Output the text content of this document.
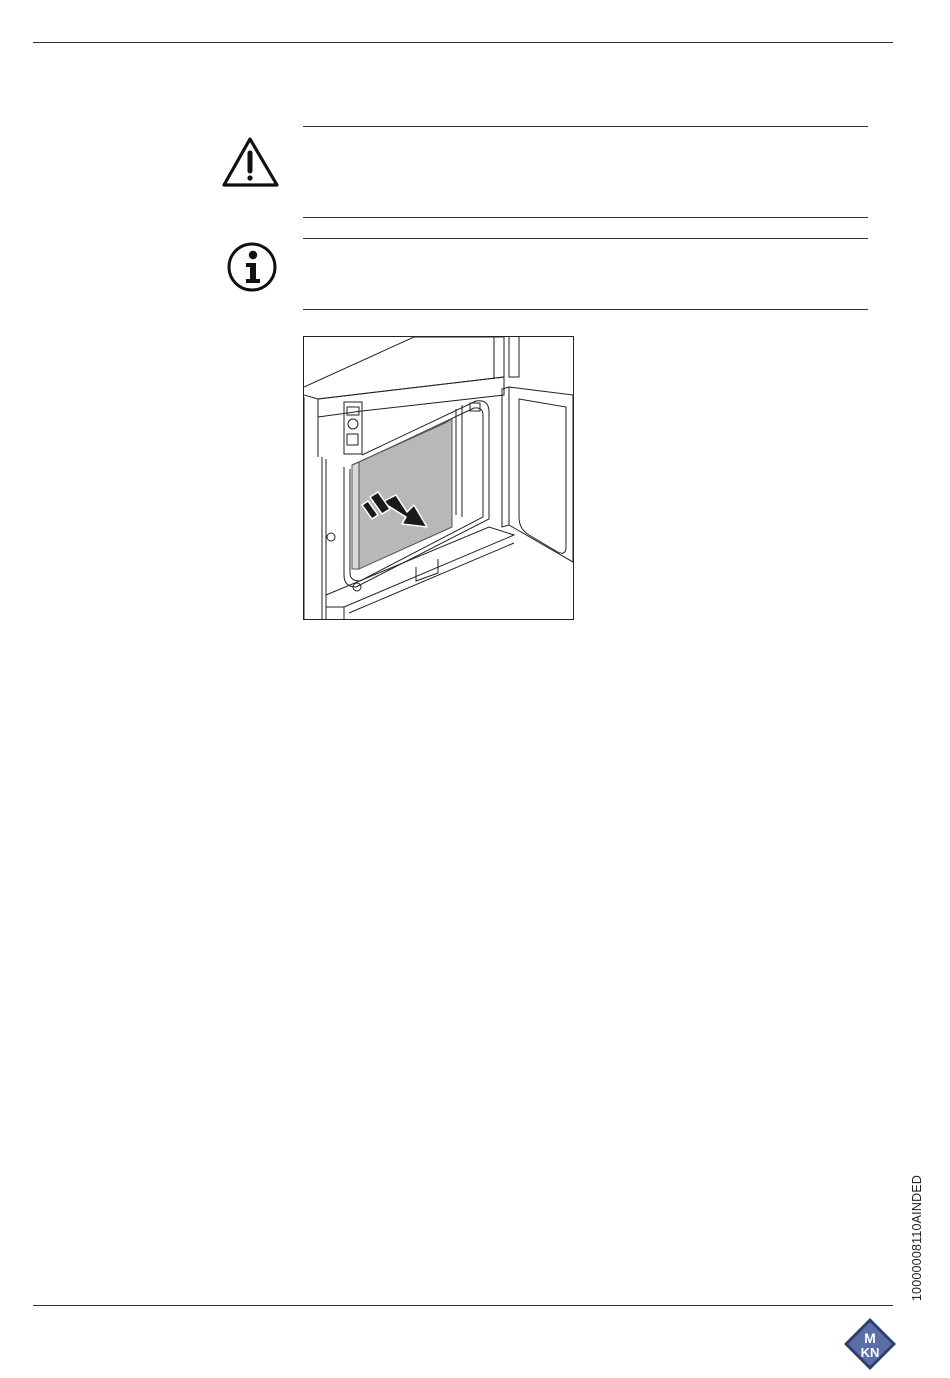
10000008110AINDED
M
KN
